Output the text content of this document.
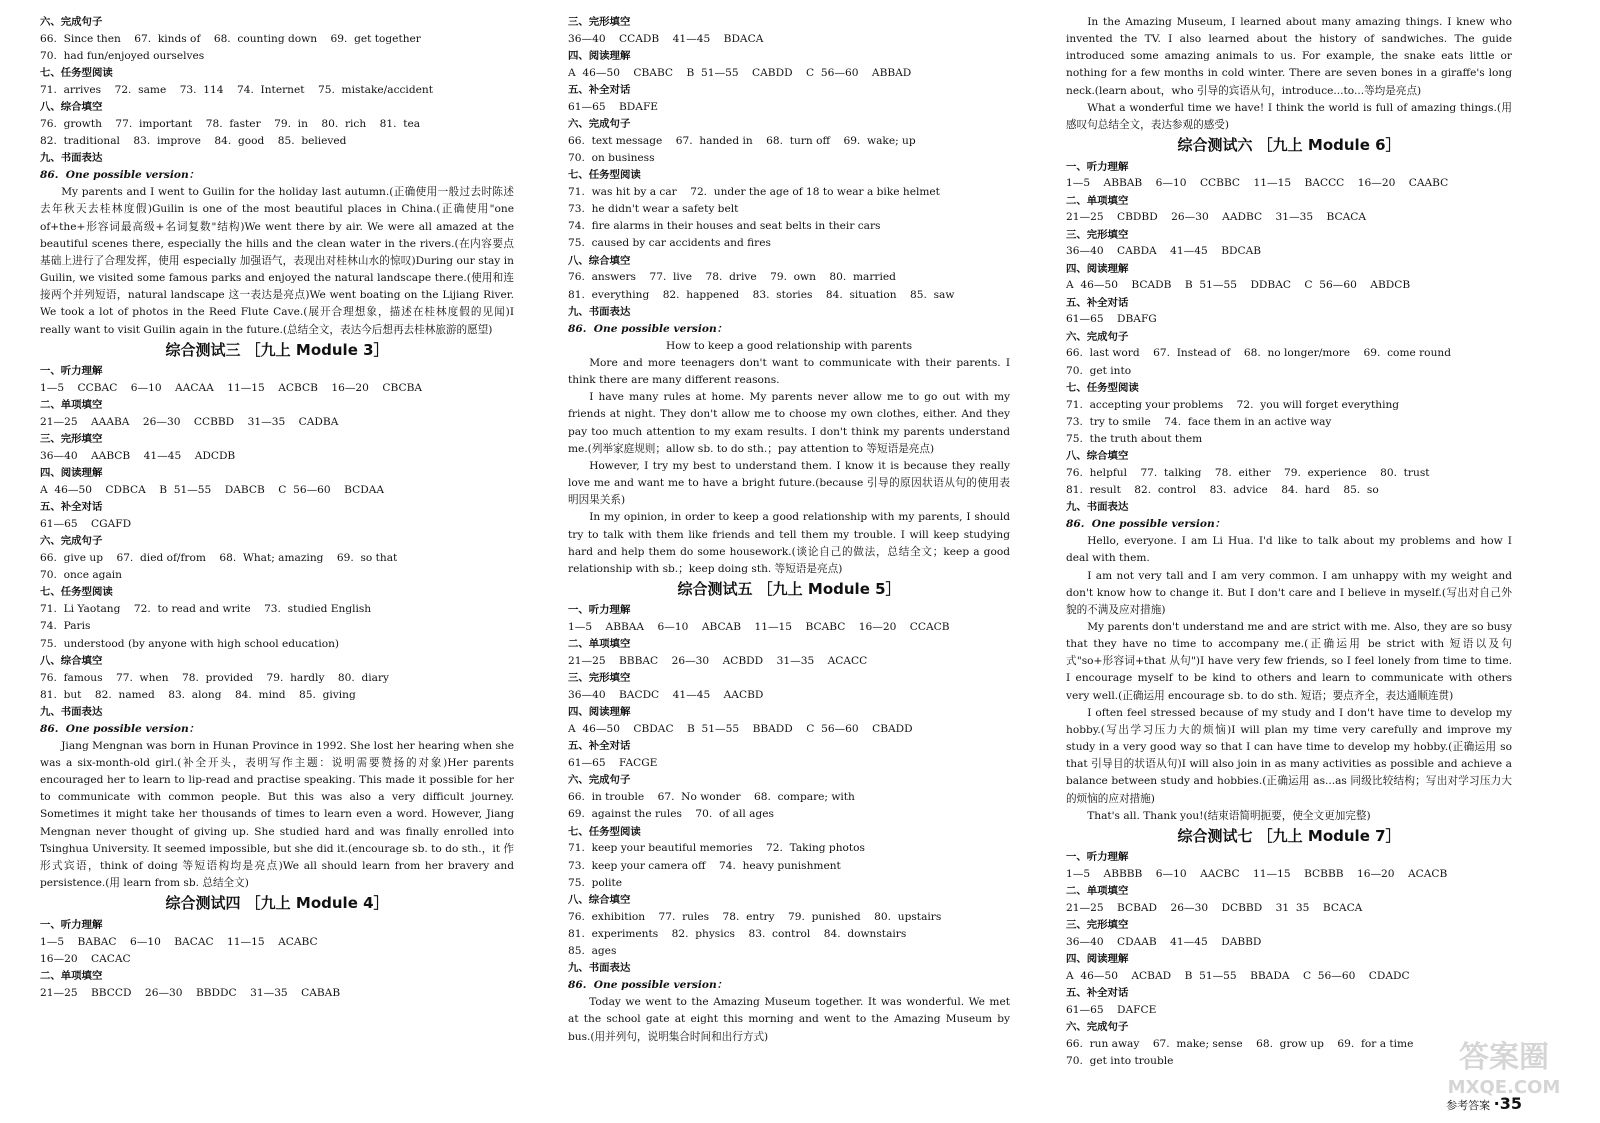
六、完成句子
66.  Since then    67.  kinds of    68.  counting down    69.  get together
70.  had fun/enjoyed ourselves
七、任务型阅读
71.  arrives    72.  same    73.  114    74.  Internet    75.  mistake/accident
八、综合填空
76.  growth    77.  important    78.  faster    79.  in    80.  rich    81.  tea
82.  traditional    83.  improve    84.  good    85.  believed
九、书面表达
86.  One possible version：
My parents and I went to Guilin for the holiday last autumn.(正确使用一般过去时陈述去年秋天去桂林度假)Guilin is one of the most beautiful places in China.(正确使用"one of+the+形容词最高级+名词复数"结构)We went there by air. We were all amazed at the beautiful scenes there, especially the hills and the clean water in the rivers.(在内容要点基础上进行了合理发挥，使用 especially 加强语气，表现出对桂林山水的惊叹)During our stay in Guilin, we visited some famous parks and enjoyed the natural landscape there.(使用和连接两个并列短语，natural landscape 这一表达是亮点)We went boating on the Lijiang River. We took a lot of photos in the Reed Flute Cave.(展开合理想象，描述在桂林度假的见闻)I really want to visit Guilin again in the future.(总结全文，表达今后想再去桂林旅游的愿望)
综合测试三 ［九上 Module 3］
一、听力理解
1—5    CCBAC    6—10    AACAA    11—15    ACBCB    16—20    CBCBA
二、单项填空
21—25    AAABA    26—30    CCBBD    31—35    CADBA
三、完形填空
36—40    AABCB    41—45    ADCDB
四、阅读理解
A  46—50    CDBCA    B  51—55    DABCB    C  56—60    BCDAA
五、补全对话
61—65    CGAFD
六、完成句子
66.  give up    67.  died of/from    68.  What; amazing    69.  so that
70.  once again
七、任务型阅读
71.  Li Yaotang    72.  to read and write    73.  studied English
74.  Paris
75.  understood (by anyone with high school education)
八、综合填空
76.  famous    77.  when    78.  provided    79.  hardly    80.  diary
81.  but    82.  named    83.  along    84.  mind    85.  giving
九、书面表达
86.  One possible version：
Jiang Mengnan was born in Hunan Province in 1992. She lost her hearing when she was a six-month-old girl.(补全开头，表明写作主题：说明需要赞扬的对象)Her parents encouraged her to learn to lip-read and practise speaking. This made it possible for her to communicate with common people. But this was also a very difficult journey. Sometimes it might take her thousands of times to learn even a word. However, Jiang Mengnan never thought of giving up. She studied hard and was finally enrolled into Tsinghua University. It seemed impossible, but she did it.(encourage sb. to do sth.，it 作形式宾语，think of doing 等短语构均是亮点)We all should learn from her bravery and persistence.(用 learn from sb. 总结全文)
综合测试四 ［九上 Module 4］
一、听力理解
1—5    BABAC    6—10    BACAC    11—15    ACABC
16—20    CACAC
二、单项填空
21—25    BBCCD    26—30    BBDDC    31—35    CABAB
三、完形填空
36—40    CCADB    41—45    BDACA
四、阅读理解
A  46—50    CBABC    B  51—55    CABDD    C  56—60    ABBAD
五、补全对话
61—65    BDAFE
六、完成句子
66.  text message    67.  handed in    68.  turn off    69.  wake; up
70.  on business
七、任务型阅读
71.  was hit by a car    72.  under the age of 18 to wear a bike helmet
73.  he didn't wear a safety belt
74.  fire alarms in their houses and seat belts in their cars
75.  caused by car accidents and fires
八、综合填空
76.  answers    77.  live    78.  drive    79.  own    80.  married
81.  everything    82.  happened    83.  stories    84.  situation    85.  saw
九、书面表达
86.  One possible version：
How to keep a good relationship with parents
More and more teenagers don't want to communicate with their parents. I think there are many different reasons.
I have many rules at home. My parents never allow me to go out with my friends at night. They don't allow me to choose my own clothes, either. And they pay too much attention to my exam results. I don't think my parents understand me.(列举家庭规则；allow sb. to do sth.；pay attention to 等短语是亮点)
However, I try my best to understand them. I know it is because they really love me and want me to have a bright future.(because 引导的原因状语从句的使用表明因果关系)
In my opinion, in order to keep a good relationship with my parents, I should try to talk with them like friends and tell them my trouble. I will keep studying hard and help them do some housework.(谈论自己的做法，总结全文；keep a good relationship with sb.；keep doing sth. 等短语是亮点)
综合测试五 ［九上 Module 5］
一、听力理解
1—5    ABBAA    6—10    ABCAB    11—15    BCABC    16—20    CCACB
二、单项填空
21—25    BBBAC    26—30    ACBDD    31—35    ACACC
三、完形填空
36—40    BACDC    41—45    AACBD
四、阅读理解
A  46—50    CBDAC    B  51—55    BBADD    C  56—60    CBADD
五、补全对话
61—65    FACGE
六、完成句子
66.  in trouble    67.  No wonder    68.  compare; with
69.  against the rules    70.  of all ages
七、任务型阅读
71.  keep your beautiful memories    72.  Taking photos
73.  keep your camera off    74.  heavy punishment
75.  polite
八、综合填空
76.  exhibition    77.  rules    78.  entry    79.  punished    80.  upstairs
81.  experiments    82.  physics    83.  control    84.  downstairs
85.  ages
九、书面表达
86.  One possible version：
Today we went to the Amazing Museum together. It was wonderful. We met at the school gate at eight this morning and went to the Amazing Museum by bus.(用并列句，说明集合时间和出行方式)
In the Amazing Museum, I learned about many amazing things. I knew who invented the TV. I also learned about the history of sandwiches. The guide introduced some amazing animals to us. For example, the snake eats little or nothing for a few months in cold winter. There are seven bones in a giraffe's long neck.(learn about，who 引导的宾语从句，introduce...to...等均是亮点)
What a wonderful time we have! I think the world is full of amazing things.(用感叹句总结全文，表达参观的感受)
综合测试六 ［九上 Module 6］
一、听力理解
1—5    ABBAB    6—10    CCBBC    11—15    BACCC    16—20    CAABC
二、单项填空
21—25    CBDBD    26—30    AADBC    31—35    BCACA
三、完形填空
36—40    CABDA    41—45    BDCAB
四、阅读理解
A  46—50    BCADB    B  51—55    DDBAC    C  56—60    ABDCB
五、补全对话
61—65    DBAFG
六、完成句子
66.  last word    67.  Instead of    68.  no longer/more    69.  come round
70.  get into
七、任务型阅读
71.  accepting your problems    72.  you will forget everything
73.  try to smile    74.  face them in an active way
75.  the truth about them
八、综合填空
76.  helpful    77.  talking    78.  either    79.  experience    80.  trust
81.  result    82.  control    83.  advice    84.  hard    85.  so
九、书面表达
86.  One possible version：
Hello, everyone. I am Li Hua. I'd like to talk about my problems and how I deal with them.
I am not very tall and I am very common. I am unhappy with my weight and don't know how to change it. But I don't care and I believe in myself.(写出对自己外貌的不满及应对措施)
My parents don't understand me and are strict with me. Also, they are so busy that they have no time to accompany me.(正确运用 be strict with 短语以及句式"so+形容词+that 从句")I have very few friends, so I feel lonely from time to time. I encourage myself to be kind to others and learn to communicate with others very well.(正确运用 encourage sb. to do sth. 短语；要点齐全，表达通顺连贯)
I often feel stressed because of my study and I don't have time to develop my hobby.(写出学习压力大的烦恼)I will plan my time very carefully and improve my study in a very good way so that I can have time to develop my hobby.(正确运用 so that 引导目的状语从句)I will also join in as many activities as possible and achieve a balance between study and hobbies.(正确运用 as...as 同级比较结构；写出对学习压力大的烦恼的应对措施)
That's all. Thank you!(结束语简明扼要，使全文更加完整)
综合测试七 ［九上 Module 7］
一、听力理解
1—5    ABBBB    6—10    AACBC    11—15    BCBBB    16—20    ACACB
二、单项填空
21—25    BCBAD    26—30    DCBBD    31  35    BCACA
三、完形填空
36—40    CDAAB    41—45    DABBD
四、阅读理解
A  46—50    ACBAD    B  51—55    BBADA    C  56—60    CDADC
五、补全对话
61—65    DAFCE
六、完成句子
66.  run away    67.  make; sense    68.  grow up    69.  for a time
70.  get into trouble
参考答案 ·35
答案圈
MXQE.COM
